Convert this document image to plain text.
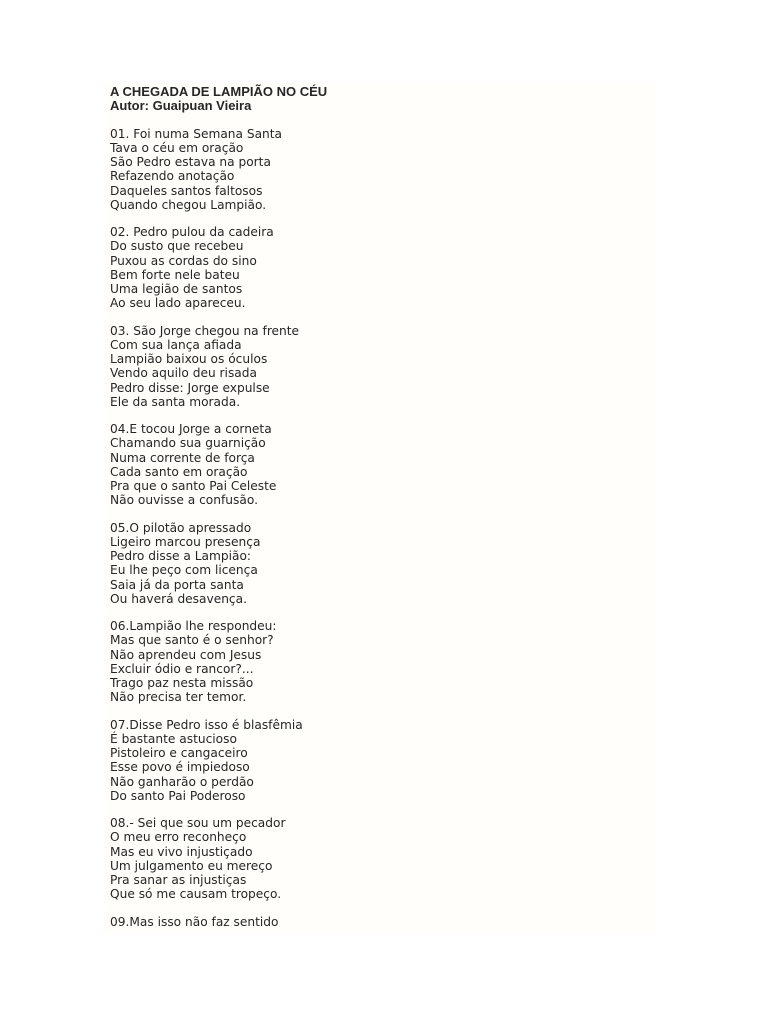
A CHEGADA DE LAMPIÃO NO CÉU
Autor: Guaipuan Vieira
01. Foi numa Semana Santa
Tava o céu em oração
São Pedro estava na porta
Refazendo anotação
Daqueles santos faltosos
Quando chegou Lampião.
02. Pedro pulou da cadeira
Do susto que recebeu
Puxou as cordas do sino
Bem forte nele bateu
Uma legião de santos
Ao seu lado apareceu.
03. São Jorge chegou na frente
Com sua lança afiada
Lampião baixou os óculos
Vendo aquilo deu risada
Pedro disse: Jorge expulse
Ele da santa morada.
04.E tocou Jorge a corneta
Chamando sua guarnição
Numa corrente de força
Cada santo em oração
Pra que o santo Pai Celeste
Não ouvisse a confusão.
05.O pilotão apressado
Ligeiro marcou presença
Pedro disse a Lampião:
Eu lhe peço com licença
Saia já da porta santa
Ou haverá desavença.
06.Lampião lhe respondeu:
Mas que santo é o senhor?
Não aprendeu com Jesus
Excluir ódio e rancor?...
Trago paz nesta missão
Não precisa ter temor.
07.Disse Pedro isso é blasfêmia
É bastante astucioso
Pistoleiro e cangaceiro
Esse povo é impiedoso
Não ganharão o perdão
Do santo Pai Poderoso
08.- Sei que sou um pecador
O meu erro reconheço
Mas eu vivo injustiçado
Um julgamento eu mereço
Pra sanar as injustiças
Que só me causam tropeço.
09.Mas isso não faz sentido
